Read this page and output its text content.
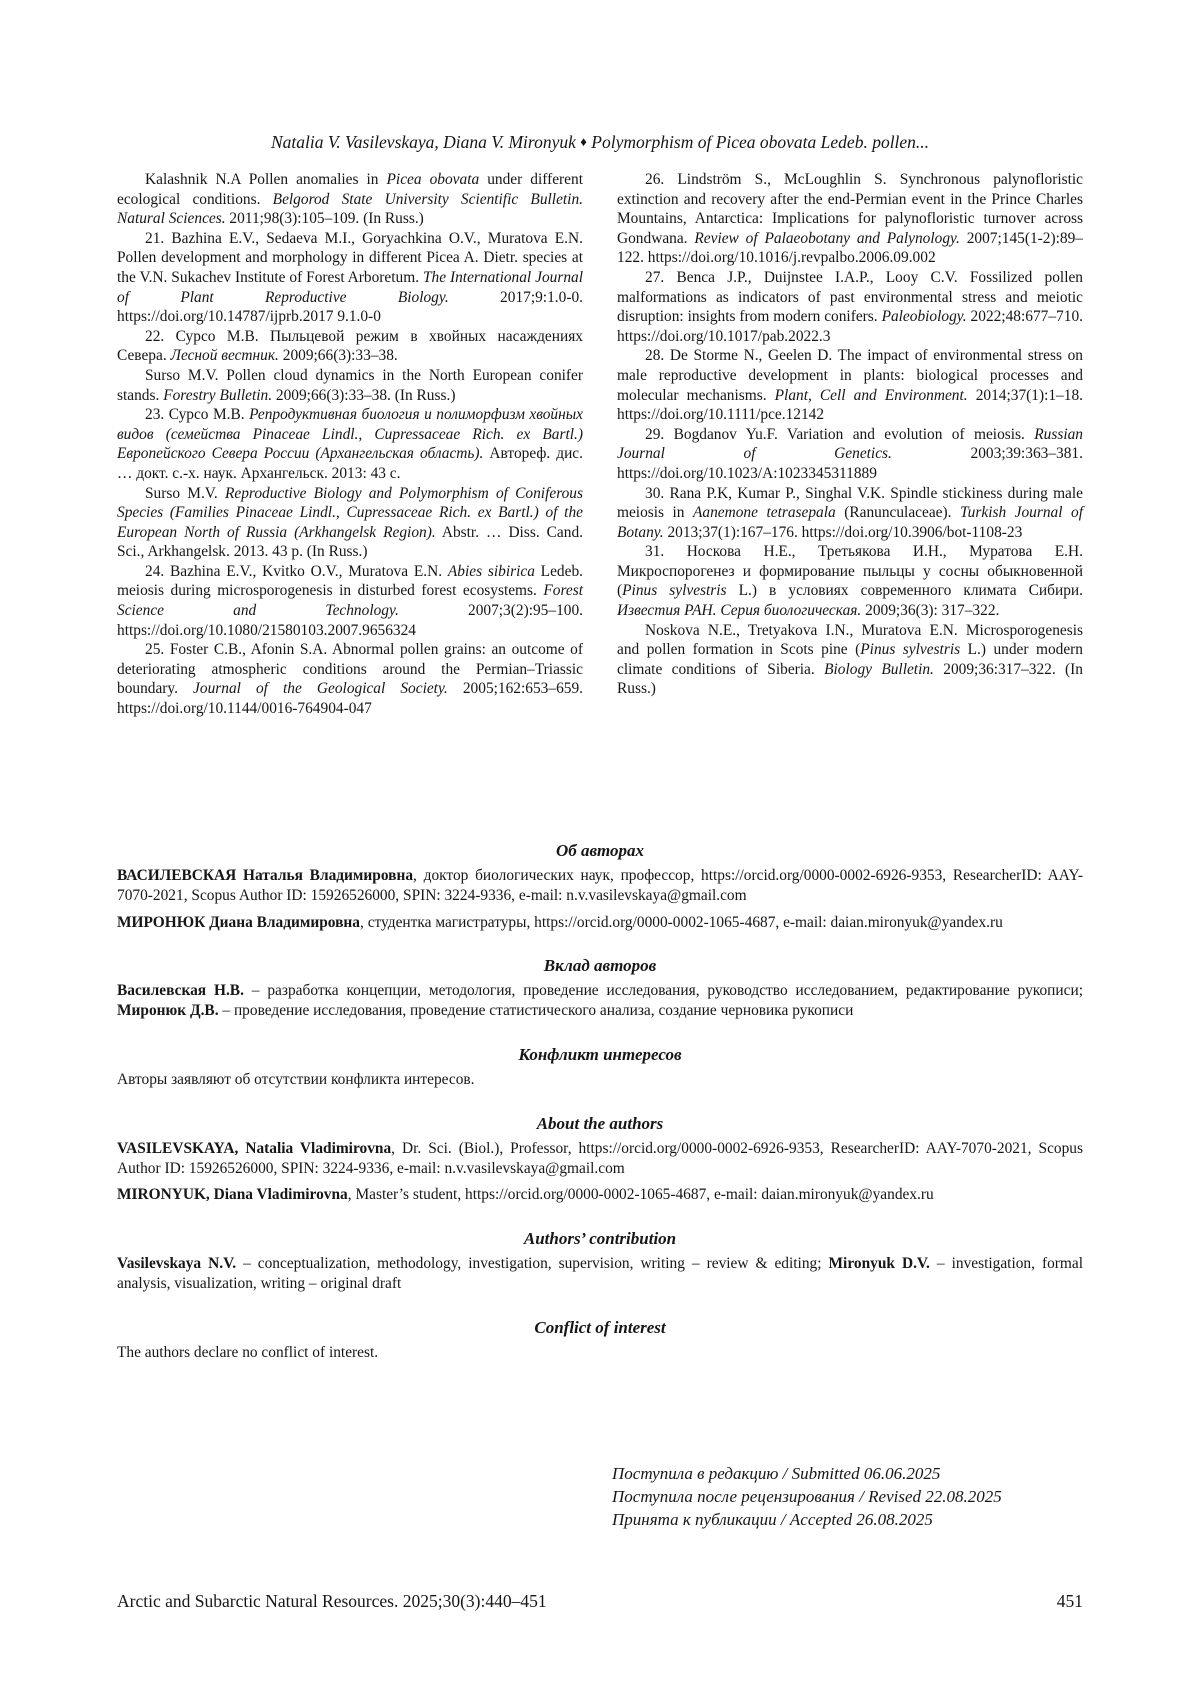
Natalia V. Vasilevskaya, Diana V. Mironyuk ♦ Polymorphism of Picea obovata Ledeb. pollen...

Kalashnik N.A Pollen anomalies in Picea obovata under different ecological conditions. Belgorod State University Scientific Bulletin. Natural Sciences. 2011;98(3):105–109. (In Russ.)

21. Bazhina E.V., Sedaeva M.I., Goryachkina O.V., Muratova E.N. Pollen development and morphology in different Picea A. Dietr. species at the V.N. Sukachev Institute of Forest Arboretum. The International Journal of Plant Reproductive Biology. 2017;9:1.0-0. https://doi.org/10.14787/ijprb.2017 9.1.0-0

22. Сурсо М.В. Пыльцевой режим в хвойных насаждениях Севера. Лесной вестник. 2009;66(3):33–38.

Surso M.V. Pollen cloud dynamics in the North European conifer stands. Forestry Bulletin. 2009;66(3):33–38. (In Russ.)

23. Сурсо М.В. Репродуктивная биология и полиморфизм хвойных видов (семейства Pinaceae Lindl., Cupressaceae Rich. ex Bartl.) Европейского Севера России (Архангельская область). Автореф. дис. … докт. с.-х. наук. Архангельск. 2013: 43 с.

Surso M.V. Reproductive Biology and Polymorphism of Coniferous Species (Families Pinaceae Lindl., Cupressaceae Rich. ex Bartl.) of the European North of Russia (Arkhangelsk Region). Abstr. … Diss. Cand. Sci., Arkhangelsk. 2013. 43 p. (In Russ.)

24. Bazhina E.V., Kvitko O.V., Muratova E.N. Abies sibirica Ledeb. meiosis during microsporogenesis in disturbed forest ecosystems. Forest Science and Technology. 2007;3(2):95–100. https://doi.org/10.1080/21580103.2007.9656324

25. Foster C.B., Afonin S.A. Abnormal pollen grains: an outcome of deteriorating atmospheric conditions around the Permian–Triassic boundary. Journal of the Geological Society. 2005;162:653–659. https://doi.org/10.1144/0016-764904-047

26. Lindström S., McLoughlin S. Synchronous palynofloristic extinction and recovery after the end-Permian event in the Prince Charles Mountains, Antarctica: Implications for palynofloristic turnover across Gondwana. Review of Palaeobotany and Palynology. 2007;145(1-2):89–122. https://doi.org/10.1016/j.revpalbo.2006.09.002

27. Benca J.P., Duijnstee I.A.P., Looy C.V. Fossilized pollen malformations as indicators of past environmental stress and meiotic disruption: insights from modern conifers. Paleobiology. 2022;48:677–710. https://doi.org/10.1017/pab.2022.3

28. De Storme N., Geelen D. The impact of environmental stress on male reproductive development in plants: biological processes and molecular mechanisms. Plant, Cell and Environment. 2014;37(1):1–18. https://doi.org/10.1111/pce.12142

29. Bogdanov Yu.F. Variation and evolution of meiosis. Russian Journal of Genetics. 2003;39:363–381. https://doi.org/10.1023/A:1023345311889

30. Rana P.K, Kumar P., Singhal V.K. Spindle stickiness during male meiosis in Aanemone tetrasepala (Ranunculaceae). Turkish Journal of Botany. 2013;37(1):167–176. https://doi.org/10.3906/bot-1108-23

31. Носкова Н.Е., Третьякова И.Н., Муратова Е.Н. Микроспорогенез и формирование пыльцы у сосны обыкновенной (Pinus sylvestris L.) в условиях современного климата Сибири. Известия РАН. Серия биологическая. 2009;36(3): 317–322.

Noskova N.E., Tretyakova I.N., Muratova E.N. Microsporogenesis and pollen formation in Scots pine (Pinus sylvestris L.) under modern climate conditions of Siberia. Biology Bulletin. 2009;36:317–322. (In Russ.)

Об авторах

ВАСИЛЕВСКАЯ Наталья Владимировна, доктор биологических наук, профессор, https://orcid.org/0000-0002-6926-9353, ResearcherID: AAY-7070-2021, Scopus Author ID: 15926526000, SPIN: 3224-9336, e-mail: n.v.vasilevskaya@gmail.com

МИРОНЮК Диана Владимировна, студентка магистратуры, https://orcid.org/0000-0002-1065-4687, e-mail: daian.mironyuk@yandex.ru

Вклад авторов

Василевская Н.В. – разработка концепции, методология, проведение исследования, руководство исследованием, редактирование рукописи; Миронюк Д.В. – проведение исследования, проведение статистического анализа, создание черновика рукописи

Конфликт интересов

Авторы заявляют об отсутствии конфликта интересов.

About the authors

VASILEVSKAYA, Natalia Vladimirovna, Dr. Sci. (Biol.), Professor, https://orcid.org/0000-0002-6926-9353, ResearcherID: AAY-7070-2021, Scopus Author ID: 15926526000, SPIN: 3224-9336, e-mail: n.v.vasilevskaya@gmail.com

MIRONYUK, Diana Vladimirovna, Master’s student, https://orcid.org/0000-0002-1065-4687, e-mail: daian.mironyuk@yandex.ru

Authors’ contribution

Vasilevskaya N.V. – conceptualization, methodology, investigation, supervision, writing – review & editing; Mironyuk D.V. – investigation, formal analysis, visualization, writing – original draft

Conflict of interest

The authors declare no conflict of interest.

Поступила в редакцию / Submitted 06.06.2025
Поступила после рецензирования / Revised 22.08.2025
Принята к публикации / Accepted 26.08.2025
Arctic and Subarctic Natural Resources. 2025;30(3):440–451	451
